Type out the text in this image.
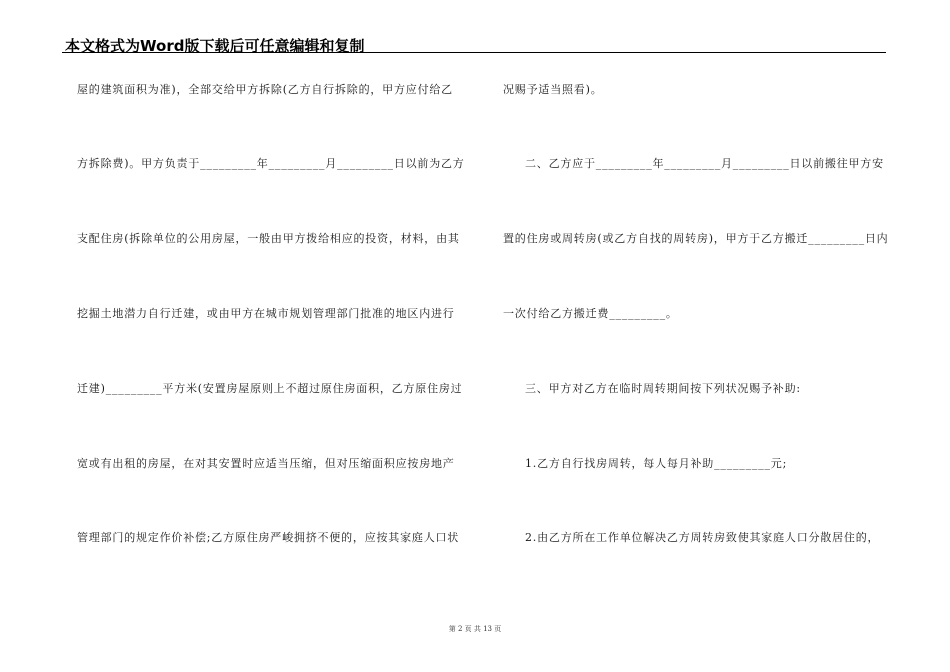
本文格式为Word版下载后可任意编辑和复制
屋的建筑面积为准)，全部交给甲方拆除(乙方自行拆除的，甲方应付给乙
方拆除费)。甲方负责于_________年_________月_________日以前为乙方
支配住房(拆除单位的公用房屋，一般由甲方拨给相应的投资，材料，由其
挖掘土地潜力自行迁建，或由甲方在城市规划管理部门批准的地区内进行
迁建)_________平方米(安置房屋原则上不超过原住房面积，乙方原住房过
宽或有出租的房屋，在对其安置时应适当压缩，但对压缩面积应按房地产
管理部门的规定作价补偿;乙方原住房严峻拥挤不便的，应按其家庭人口状
况赐予适当照看)。
二、乙方应于_________年_________月_________日以前搬往甲方安
置的住房或周转房(或乙方自找的周转房)，甲方于乙方搬迁_________日内
一次付给乙方搬迁费_________。
三、甲方对乙方在临时周转期间按下列状况赐予补助:
1.乙方自行找房周转，每人每月补助_________元;
2.由乙方所在工作单位解决乙方周转房致使其家庭人口分散居住的，
第 2 页 共 13 页
